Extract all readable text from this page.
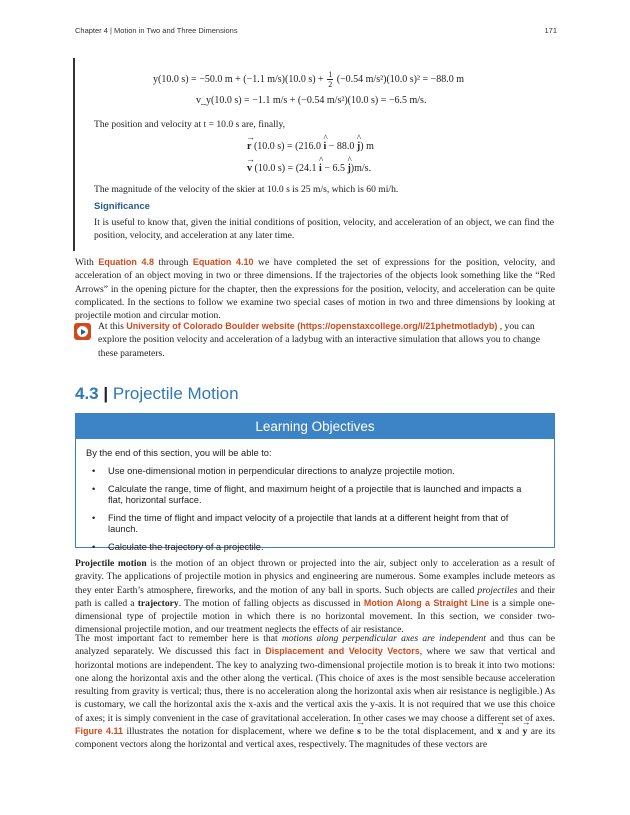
Chapter 4 | Motion in Two and Three Dimensions	171
y(10.0 s) = −50.0 m + (−1.1 m/s)(10.0 $s) + \frac{1}{2} (-0.54$ m/s²)(10.0 s)² = −88.0 m
v_y(10.0 s) = −1.1 m/s + (−0.54 m/s²)(10.0 s) = −6.5 m/s.
The position and velocity at t = 10.0 s are, finally,
→ r (10.0 s) = (216.0 ^ i − 88.0 ^ j) m
→ v (10.0 s) = (24.1 ^ i − 6.5 ^ j)m/s.
The magnitude of the velocity of the skier at 10.0 s is 25 m/s, which is 60 mi/h.
Significance
It is useful to know that, given the initial conditions of position, velocity, and acceleration of an object, we can find the position, velocity, and acceleration at any later time.
With Equation 4.8 through Equation 4.10 we have completed the set of expressions for the position, velocity, and acceleration of an object moving in two or three dimensions. If the trajectories of the objects look something like the “Red Arrows” in the opening picture for the chapter, then the expressions for the position, velocity, and acceleration can be quite complicated. In the sections to follow we examine two special cases of motion in two and three dimensions by looking at projectile motion and circular motion.
At this University of Colorado Boulder website (https://openstaxcollege.org/l/21phetmotladyb) , you can explore the position velocity and acceleration of a ladybug with an interactive simulation that allows you to change these parameters.
4.3 | Projectile Motion
Learning Objectives
By the end of this section, you will be able to:
• Use one-dimensional motion in perpendicular directions to analyze projectile motion.
• Calculate the range, time of flight, and maximum height of a projectile that is launched and impacts a flat, horizontal surface.
• Find the time of flight and impact velocity of a projectile that lands at a different height from that of launch.
• Calculate the trajectory of a projectile.
Projectile motion is the motion of an object thrown or projected into the air, subject only to acceleration as a result of gravity. The applications of projectile motion in physics and engineering are numerous. Some examples include meteors as they enter Earth’s atmosphere, fireworks, and the motion of any ball in sports. Such objects are called projectiles and their path is called a trajectory. The motion of falling objects as discussed in Motion Along a Straight Line is a simple one-dimensional type of projectile motion in which there is no horizontal movement. In this section, we consider two-dimensional projectile motion, and our treatment neglects the effects of air resistance.
The most important fact to remember here is that motions along perpendicular axes are independent and thus can be analyzed separately. We discussed this fact in Displacement and Velocity Vectors, where we saw that vertical and horizontal motions are independent. The key to analyzing two-dimensional projectile motion is to break it into two motions: one along the horizontal axis and the other along the vertical. (This choice of axes is the most sensible because acceleration resulting from gravity is vertical; thus, there is no acceleration along the horizontal axis when air resistance is negligible.) As is customary, we call the horizontal axis the x-axis and the vertical axis the y-axis. It is not required that we use this choice of axes; it is simply convenient in the case of gravitational acceleration. In other cases we may choose a different set of axes. Figure 4.11 illustrates the notation for displacement, where we define → s to be the total displacement, and → x and → y are its component vectors along the horizontal and vertical axes, respectively. The magnitudes of these vectors are
